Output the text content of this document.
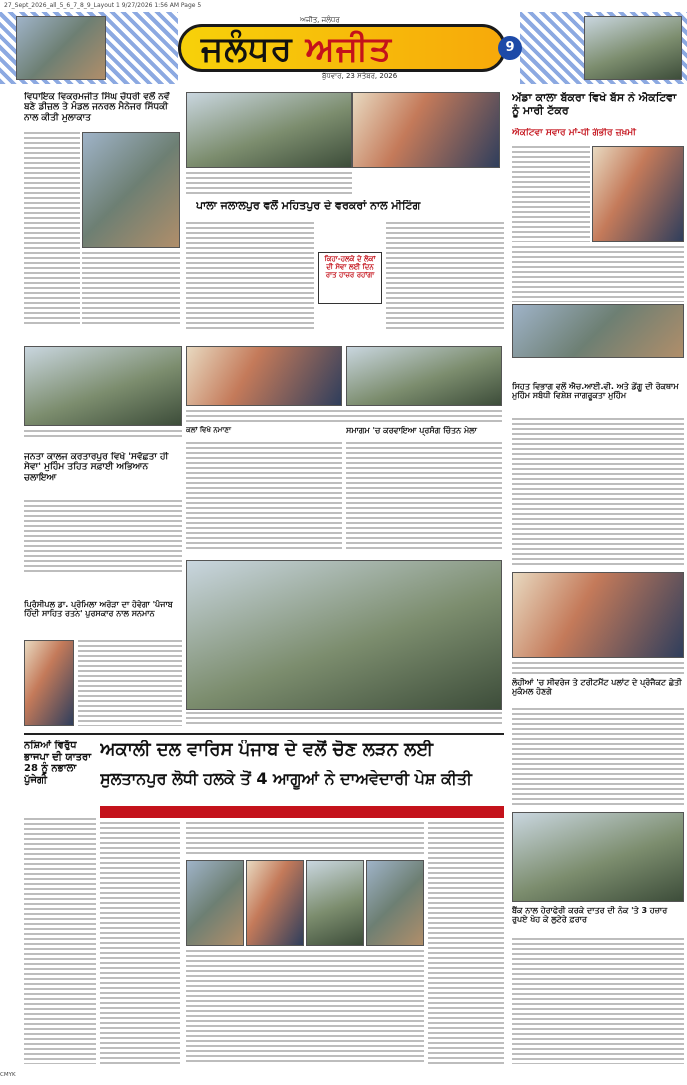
27_Sept_2026_all_5_6_7_8_9_Layout 1 9/27/2026 1:56 AM Page 5
ਜਲੰਧਰ ਅਜੀਤ
ਅਜੀਤ, ਜਲੰਧਰ
9
ਬੁੱਧਵਾਰ, 23 ਸਤੰਬਰ, 2026
ਵਿਧਾਇਕ ਵਿਕਰਮਜੀਤ ਸਿੰਘ ਚੌਧਰੀ ਵਲੋਂ ਨਵੇਂ ਬਣੇ ਡੀਜ਼ਲ ਤੇ ਮੰਡਲ ਜਨਰਲ ਮੈਨੇਜਰ ਸਿੱਧਕੀ ਨਾਲ ਕੀਤੀ ਮੁਲਾਕਾਤ
ਅੱਡਾ ਕਾਲਾ ਬੱਕਰਾ ਵਿਖੇ ਬੱਸ ਨੇ ਐਕਟਿਵਾ ਨੂੰ ਮਾਰੀ ਟੱਕਰ
ਐਕਟਿਵਾ ਸਵਾਰ ਮਾਂ-ਧੀ ਗੰਭੀਰ ਜ਼ਖ਼ਮੀ
ਪਾਲਾ ਜਲਾਲਪੁਰ ਵਲੋਂ ਮਹਿਤਪੁਰ ਦੇ ਵਰਕਰਾਂ ਨਾਲ ਮੀਟਿੰਗ
ਕਿਹਾ-ਹਲਕੇ ਦੇ ਲੋਕਾਂ ਦੀ ਸੇਵਾ ਲਈ ਦਿਨ ਰਾਤ ਹਾਜ਼ਰ ਰਹਾਂਗਾ
ਜਨਤਾ ਕਾਲਜ ਕਰਤਾਰਪੁਰ ਵਿਖੇ 'ਸਵੱਛਤਾ ਹੀ ਸੇਵਾ' ਮੁਹਿੰਮ ਤਹਿਤ ਸਫ਼ਾਈ ਅਭਿਆਨ ਚਲਾਇਆ
ਕਲਾਂ ਵਿਖੇ ਨਮਾਣਾ	ਸਮਾਗਮ 'ਚ ਕਰਵਾਇਆ ਪ੍ਰਸੰਗ ਚਿੰਤਨ ਮੇਲਾ
ਸਿਹਤ ਵਿਭਾਗ ਵਲੋਂ ਐਚ.ਆਈ.ਵੀ. ਅਤੇ ਡੇਂਗੂ ਦੀ ਰੋਕਥਾਮ ਮੁਹਿੰਮ ਸਬੰਧੀ ਵਿਸ਼ੇਸ਼ ਜਾਗਰੂਕਤਾ ਮੁਹਿੰਮ
ਪ੍ਰਿੰਸੀਪਲ ਡਾ. ਪ੍ਰੋਮਿਲਾ ਅਰੋੜਾ ਦਾ ਹੋਵੇਗਾ 'ਪੰਜਾਬ ਹਿੰਦੀ ਸਾਹਿਤ ਰਤਨ' ਪੁਰਸਕਾਰ ਨਾਲ ਸਨਮਾਨ
ਲੋਹੀਆਂ 'ਚ ਸੀਵਰੇਜ ਤੇ ਟਰੀਟਮੈਂਟ ਪਲਾਂਟ ਦੇ ਪ੍ਰੋਜੈਕਟ ਛੇਤੀ ਮੁਕੰਮਲ ਹੋਣਗੇ
ਨਸ਼ਿਆਂ ਵਿਰੁੱਧ ਭਾਜਪਾ ਦੀ ਯਾਤਰਾ 28 ਨੂੰ ਨਭਾਲਾ ਪੁੱਜੇਗੀ
ਅਕਾਲੀ ਦਲ ਵਾਰਿਸ ਪੰਜਾਬ ਦੇ ਵਲੋਂ ਚੋਣ ਲੜਨ ਲਈ
ਸੁਲਤਾਨਪੁਰ ਲੋਧੀ ਹਲਕੇ ਤੋਂ 4 ਆਗੂਆਂ ਨੇ ਦਾਅਵੇਦਾਰੀ ਪੇਸ਼ ਕੀਤੀ
ਬੈਂਕ ਨਾਲ ਹੇਰਾਫੇਰੀ ਕਰਕੇ ਦਾਤਰ ਦੀ ਨੋਕ 'ਤੇ 3 ਹਜ਼ਾਰ ਰੁਪਏ ਖੋਹ ਕੇ ਲੁਟੇਰੇ ਫ਼ਰਾਰ
CMYK
